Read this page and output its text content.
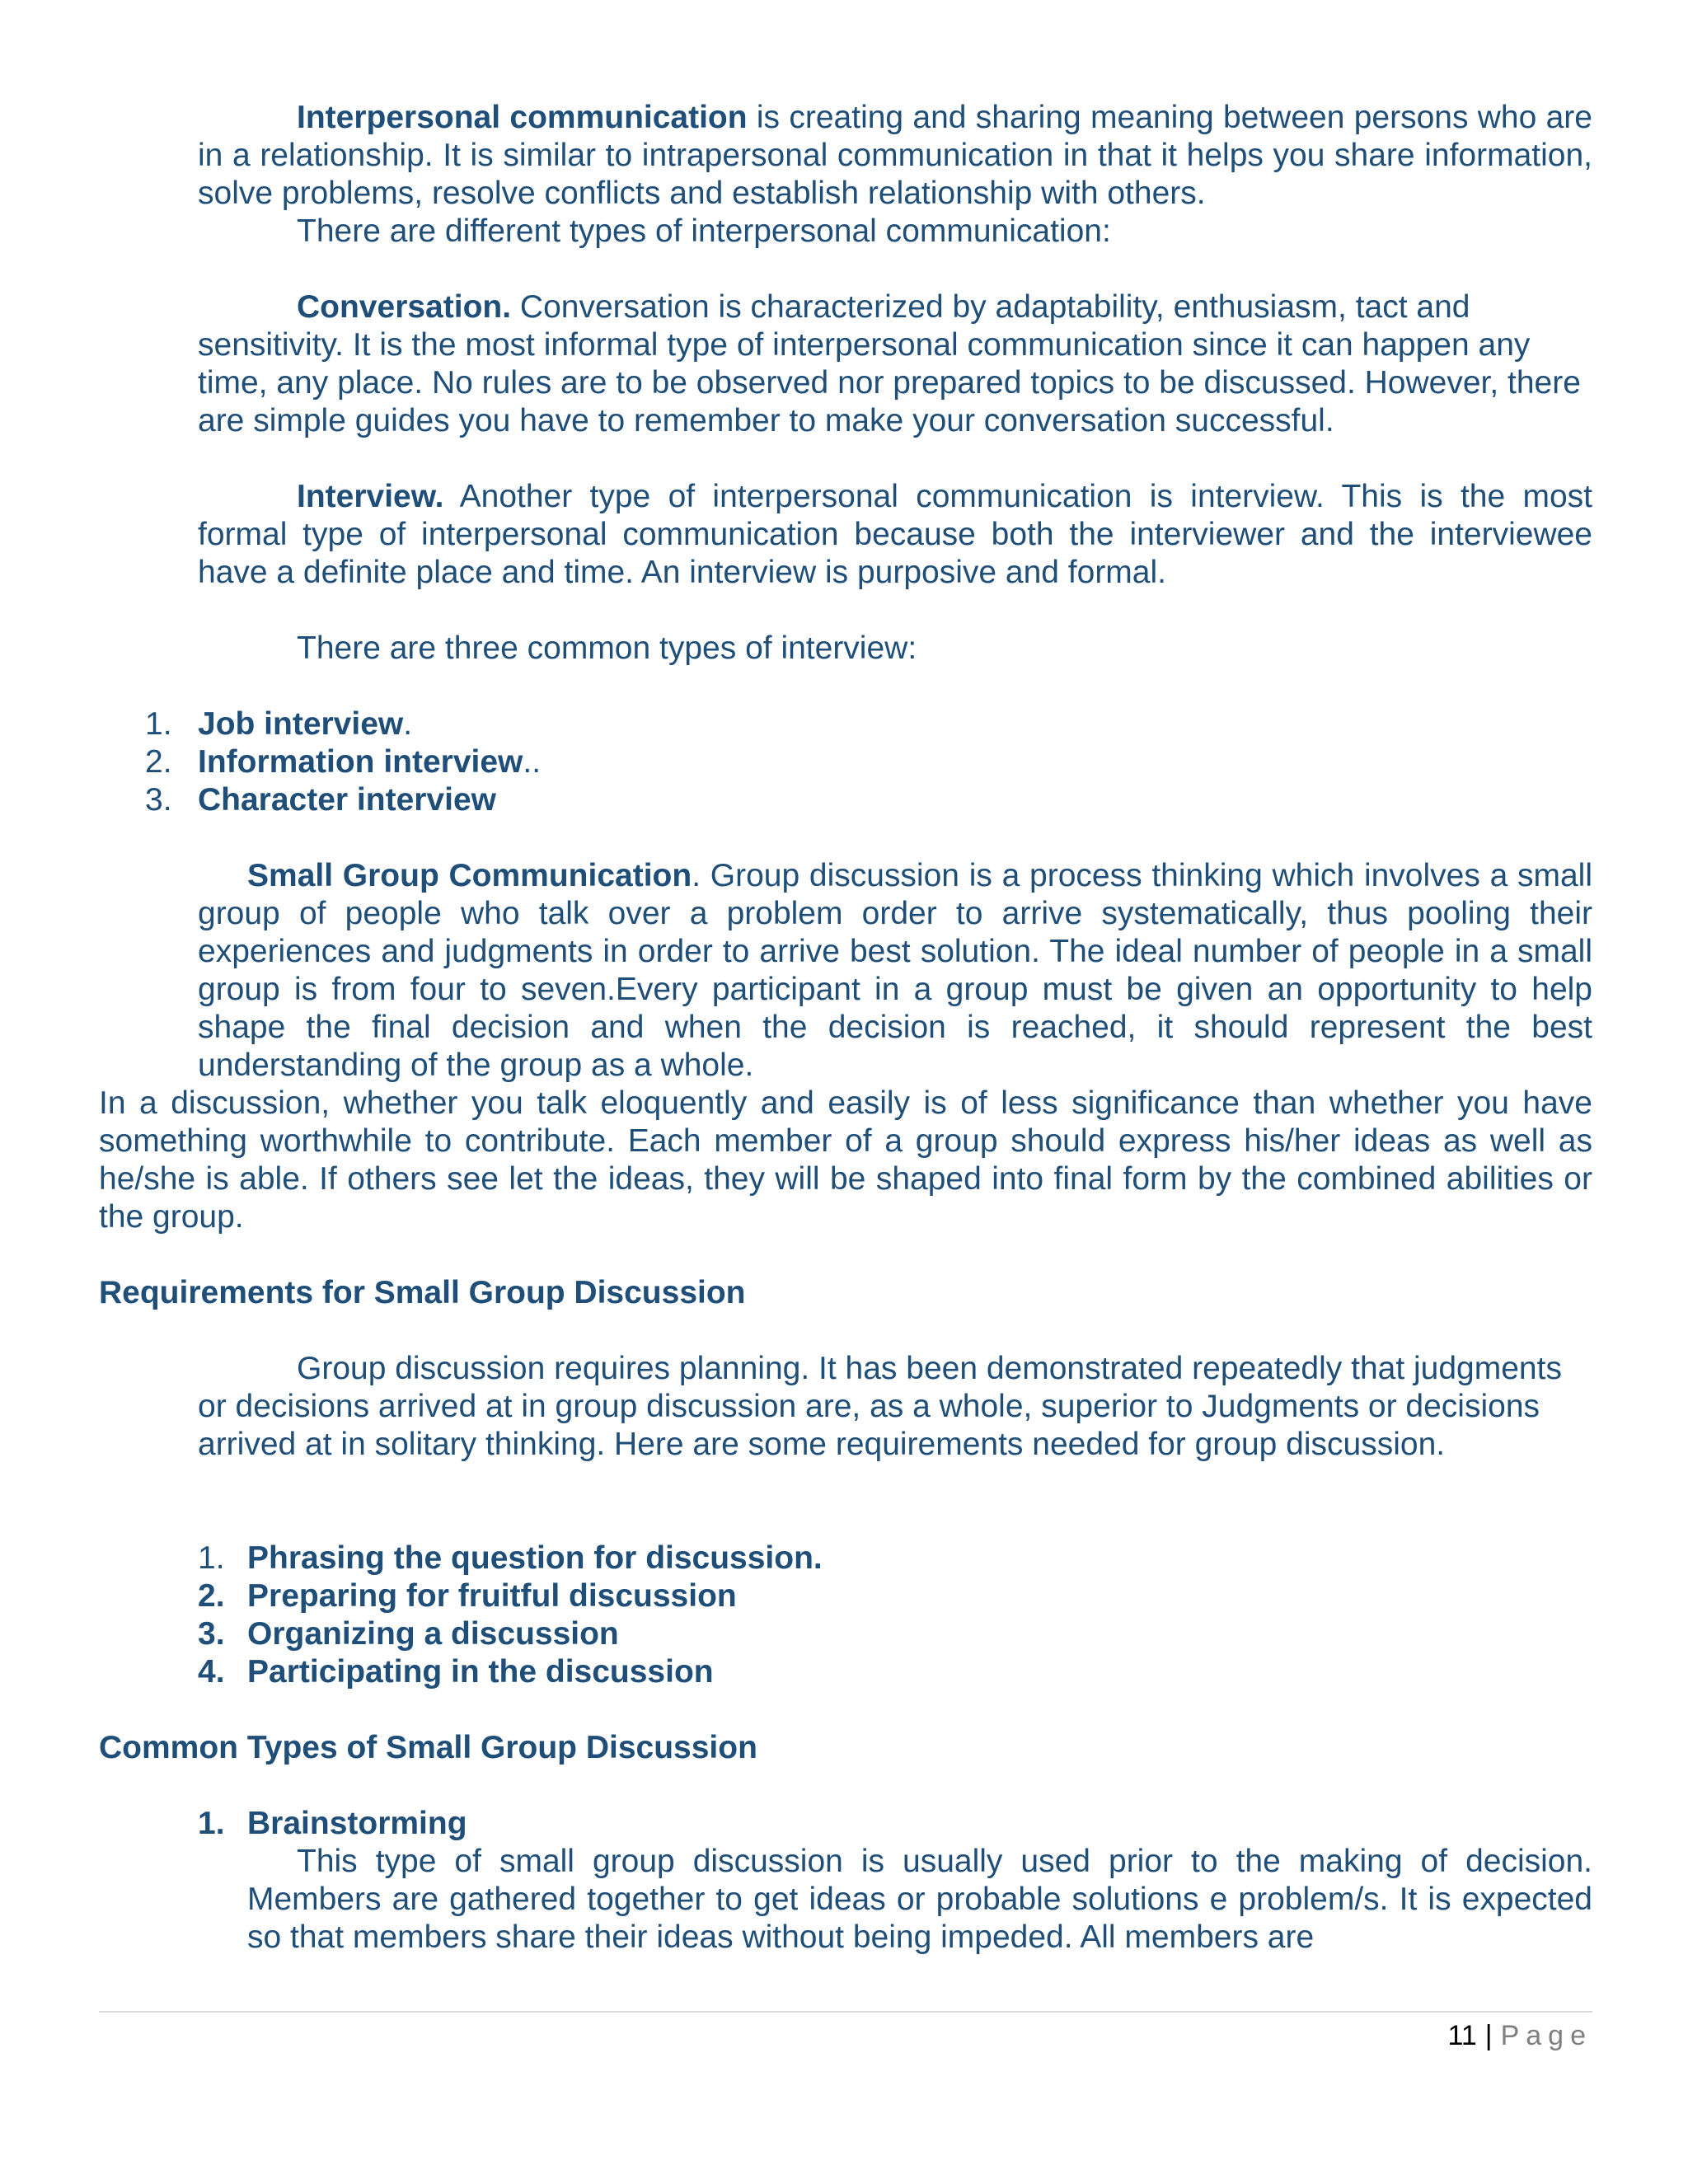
Interpersonal communication is creating and sharing meaning between persons who are in a relationship. It is similar to intrapersonal communication in that it helps you share information, solve problems, resolve conflicts and establish relationship with others.

There are different types of interpersonal communication:

Conversation. Conversation is characterized by adaptability, enthusiasm, tact and sensitivity. It is the most informal type of interpersonal communication since it can happen any time, any place. No rules are to be observed nor prepared topics to be discussed. However, there are simple guides you have to remember to make your conversation successful.

Interview. Another type of interpersonal communication is interview. This is the most formal type of interpersonal communication because both the interviewer and the interviewee have a definite place and time. An interview is purposive and formal.

There are three common types of interview:

1. Job interview.
2. Information interview..
3. Character interview

Small Group Communication. Group discussion is a process thinking which involves a small group of people who talk over a problem order to arrive systematically, thus pooling their experiences and judgments in order to arrive best solution. The ideal number of people in a small group is from four to seven.Every participant in a group must be given an opportunity to help shape the final decision and when the decision is reached, it should represent the best understanding of the group as a whole.

In a discussion, whether you talk eloquently and easily is of less significance than whether you have something worthwhile to contribute. Each member of a group should express his/her ideas as well as he/she is able. If others see let the ideas, they will be shaped into final form by the combined abilities or the group.

Requirements for Small Group Discussion

Group discussion requires planning. It has been demonstrated repeatedly that judgments or decisions arrived at in group discussion are, as a whole, superior to Judgments or decisions arrived at in solitary thinking. Here are some requirements needed for group discussion.

1. Phrasing the question for discussion.
2. Preparing for fruitful discussion
3. Organizing a discussion
4. Participating in the discussion
Common Types of Small Group Discussion
1. Brainstorming

This type of small group discussion is usually used prior to the making of decision. Members are gathered together to get ideas or probable solutions e problem/s. It is expected so that members share their ideas without being impeded. All members are

11 | Page
